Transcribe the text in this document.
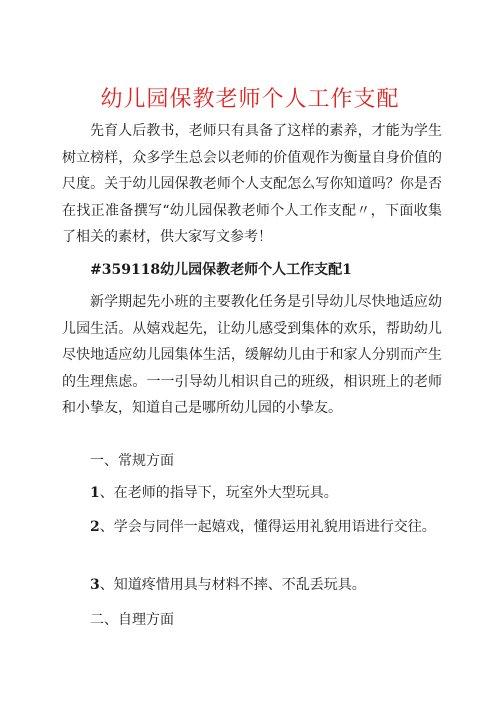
幼儿园保教老师个人工作支配
先育人后教书，老师只有具备了这样的素养，才能为学生树立榜样，众多学生总会以老师的价值观作为衡量自身价值的尺度。关于幼儿园保教老师个人支配怎么写你知道吗？你是否在找正准备撰写“幼儿园保教老师个人工作支配〃，下面收集了相关的素材，供大家写文参考！
#359118幼儿园保教老师个人工作支配1
新学期起先小班的主要教化任务是引导幼儿尽快地适应幼儿园生活。从嬉戏起先，让幼儿感受到集体的欢乐，帮助幼儿尽快地适应幼儿园集体生活，缓解幼儿由于和家人分别而产生的生理焦虑。一一引导幼儿相识自己的班级，相识班上的老师和小挚友，知道自己是哪所幼儿园的小挚友。
一、常规方面
1、在老师的指导下，玩室外大型玩具。
2、学会与同伴一起嬉戏，懂得运用礼貌用语进行交往。
3、知道疼惜用具与材料不摔、不乱丢玩具。
二、自理方面
